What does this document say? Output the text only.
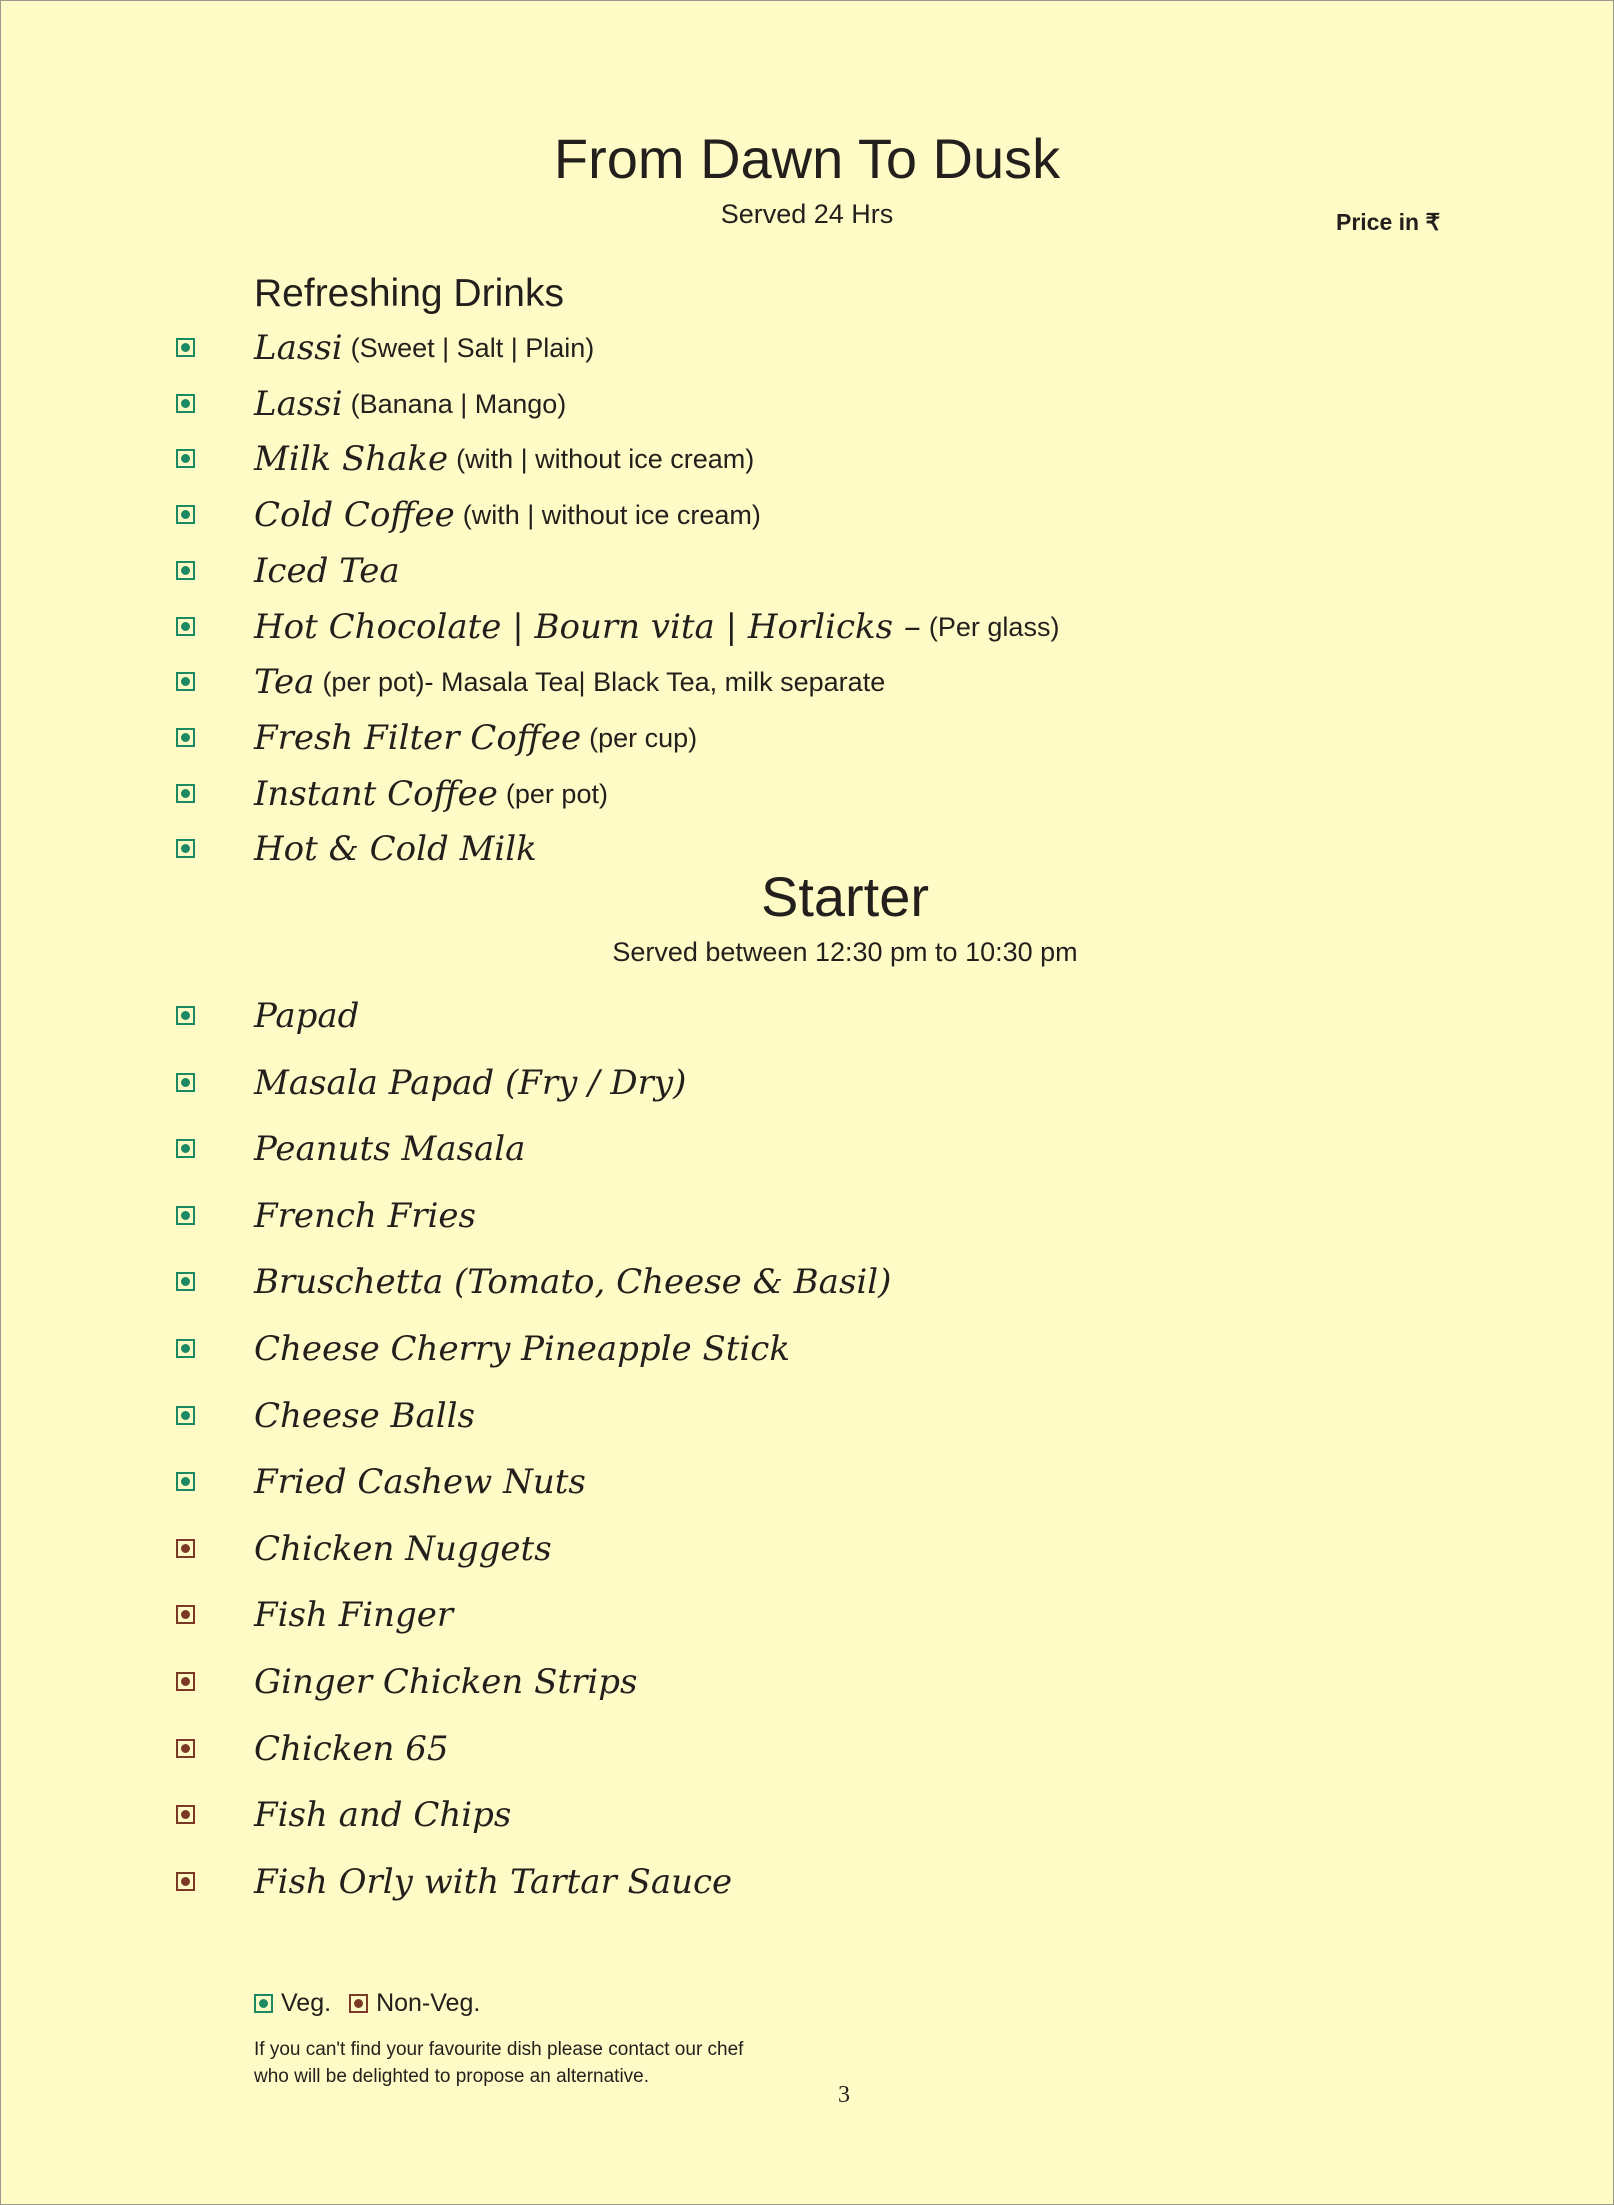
From Dawn To Dusk
Served 24 Hrs	Price in ₹
Refreshing Drinks
Lassi (Sweet | Salt | Plain)
Lassi (Banana | Mango)
Milk Shake (with | without ice cream)
Cold Coffee (with | without ice cream)
Iced Tea
Hot Chocolate | Bourn vita | Horlicks – (Per glass)
Tea (per pot)- Masala Tea| Black Tea, milk separate
Fresh Filter Coffee (per cup)
Instant Coffee (per pot)
Hot & Cold Milk
Starter
Served between 12:30 pm to 10:30 pm
Papad
Masala Papad (Fry / Dry)
Peanuts Masala
French Fries
Bruschetta (Tomato, Cheese & Basil)
Cheese Cherry Pineapple Stick
Cheese Balls
Fried Cashew Nuts
Chicken Nuggets
Fish Finger
Ginger Chicken Strips
Chicken 65
Fish and Chips
Fish Orly with Tartar Sauce
Veg. Non-Veg.
If you can't find your favourite dish please contact our chef
who will be delighted to propose an alternative.
3
